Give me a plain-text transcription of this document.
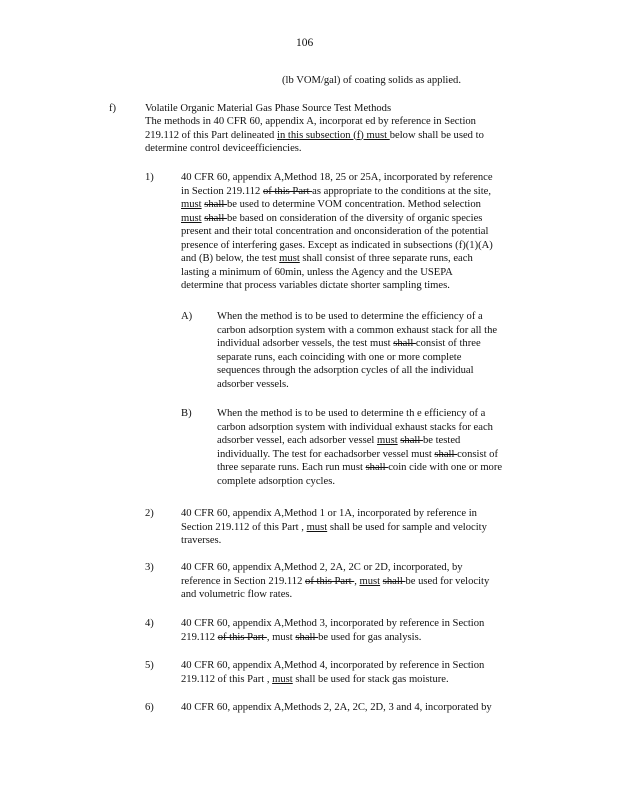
106
(lb VOM/gal) of coating solids as applied.
f)	Volatile Organic Material Gas Phase Source Test Methods
The methods in 40 CFR 60, appendix A, incorporat ed by reference in Section
219.112 of this Part delineated in this subsection (f) must below shall be used to
determine control deviceefficiencies.
1)	40 CFR 60, appendix A,Method 18, 25 or 25A, incorporated by reference
in Section 219.112 of this Part as appropriate to the conditions at the site,
must shall be used to determine VOM concentration. Method selection
must shall be based on consideration of the diversity of organic species
present and their total concentration and onconsideration of the potential
presence of interfering gases. Except as indicated in subsections (f)(1)(A)
and (B) below, the test must shall consist of three separate runs, each
lasting a minimum of 60min, unless the Agency and the USEPA
determine that process variables dictate shorter sampling times.
A) When the method is to be used to determine the efficiency of a
carbon adsorption system with a common exhaust stack for all the
individual adsorber vessels, the test must shall consist of three
separate runs, each coinciding with one or more complete
sequences through the adsorption cycles of all the individual
adsorber vessels.
B) When the method is to be used to determine th e efficiency of a
carbon adsorption system with individual exhaust stacks for each
adsorber vessel, each adsorber vessel must shall be tested
individually. The test for eachadsorber vessel must shall consist of
three separate runs. Each run must shall coin cide with one or more
complete adsorption cycles.
2)	40 CFR 60, appendix A,Method 1 or 1A, incorporated by reference in
Section 219.112 of this Part , must shall be used for sample and velocity
traverses.
3)	40 CFR 60, appendix A,Method 2, 2A, 2C or 2D, incorporated, by
reference in Section 219.112 of this Part , must shall be used for velocity
and volumetric flow rates.
4)	40 CFR 60, appendix A,Method 3, incorporated by reference in Section
219.112 of this Part , must shall be used for gas analysis.
5)	40 CFR 60, appendix A,Method 4, incorporated by reference in Section
219.112 of this Part , must shall be used for stack gas moisture.
6)	40 CFR 60, appendix A,Methods 2, 2A, 2C, 2D, 3 and 4, incorporated by
